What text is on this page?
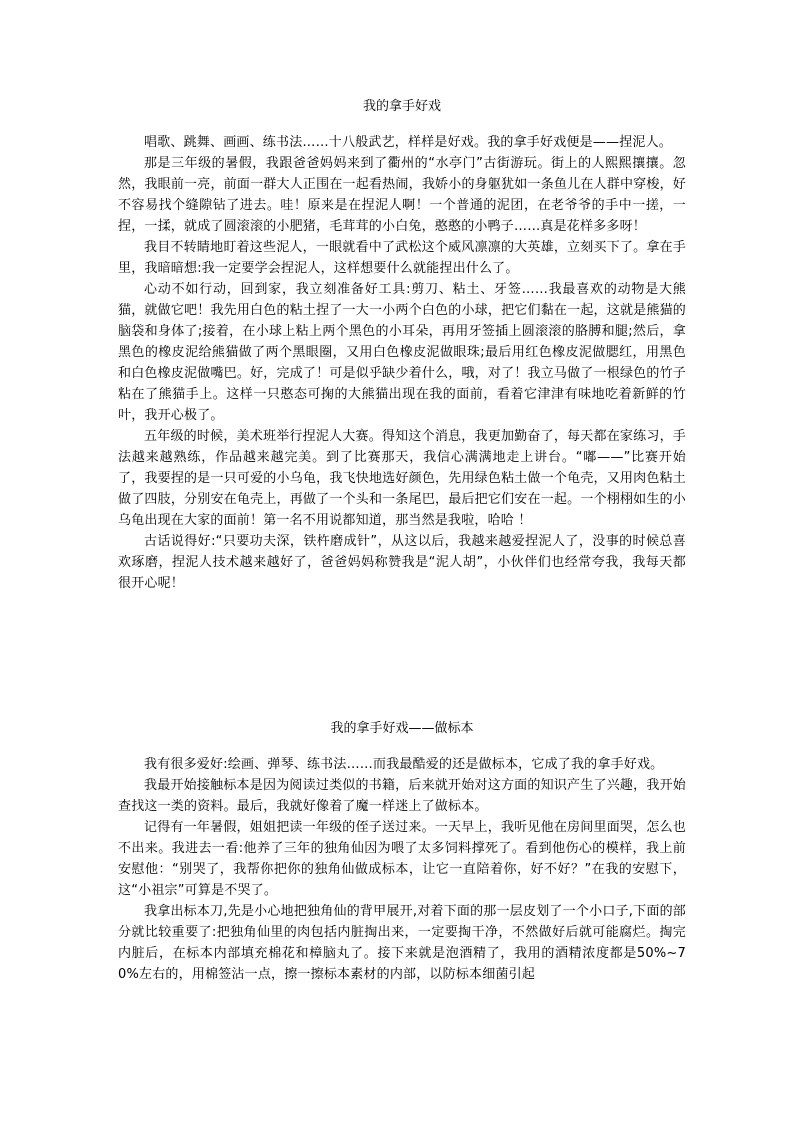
我的拿手好戏

唱歌、跳舞、画画、练书法……十八般武艺，样样是好戏。我的拿手好戏便是——捏泥人。

那是三年级的暑假，我跟爸爸妈妈来到了衢州的“水亭门”古街游玩。街上的人熙熙攘攘。忽然，我眼前一亮，前面一群大人正围在一起看热闹，我娇小的身躯犹如一条鱼儿在人群中穿梭，好不容易找个缝隙钻了进去。哇！原来是在捏泥人啊！一个普通的泥团，在老爷爷的手中一搓，一捏，一揉，就成了圆滚滚的小肥猪，毛茸茸的小白兔，憨憨的小鸭子……真是花样多多呀！

我目不转睛地盯着这些泥人，一眼就看中了武松这个威风凛凛的大英雄，立刻买下了。拿在手里，我暗暗想:我一定要学会捏泥人，这样想要什么就能捏出什么了。

心动不如行动，回到家，我立刻准备好工具:剪刀、粘土、牙签……我最喜欢的动物是大熊猫，就做它吧！我先用白色的粘土捏了一大一小两个白色的小球，把它们黏在一起，这就是熊猫的脑袋和身体了;接着，在小球上粘上两个黑色的小耳朵，再用牙签插上圆滚滚的胳膊和腿;然后，拿黑色的橡皮泥给熊猫做了两个黑眼圈，又用白色橡皮泥做眼珠;最后用红色橡皮泥做腮红，用黑色和白色橡皮泥做嘴巴。好，完成了！可是似乎缺少着什么，哦，对了！我立马做了一根绿色的竹子粘在了熊猫手上。这样一只憨态可掬的大熊猫出现在我的面前，看着它津津有味地吃着新鲜的竹叶，我开心极了。

五年级的时候，美术班举行捏泥人大赛。得知这个消息，我更加勤奋了，每天都在家练习，手法越来越熟练，作品越来越完美。到了比赛那天，我信心满满地走上讲台。“嘟——”比赛开始了，我要捏的是一只可爱的小乌龟，我飞快地选好颜色，先用绿色粘土做一个龟壳，又用肉色粘土做了四肢，分别安在龟壳上，再做了一个头和一条尾巴，最后把它们安在一起。一个栩栩如生的小乌龟出现在大家的面前！第一名不用说都知道，那当然是我啦，哈哈 ！

古话说得好:“只要功夫深，铁杵磨成针”，从这以后，我越来越爱捏泥人了，没事的时候总喜欢琢磨，捏泥人技术越来越好了，爸爸妈妈称赞我是“泥人胡”，小伙伴们也经常夸我，我每天都很开心呢！

我的拿手好戏——做标本

我有很多爱好:绘画、弹琴、练书法……而我最酷爱的还是做标本，它成了我的拿手好戏。

我最开始接触标本是因为阅读过类似的书籍，后来就开始对这方面的知识产生了兴趣，我开始查找这一类的资料。最后，我就好像着了魔一样迷上了做标本。

记得有一年暑假，姐姐把读一年级的侄子送过来。一天早上，我听见他在房间里面哭，怎么也不出来。我进去一看:他养了三年的独角仙因为喂了太多饲料撑死了。看到他伤心的模样，我上前安慰他：“别哭了，我帮你把你的独角仙做成标本，让它一直陪着你，好不好？”在我的安慰下，这“小祖宗”可算是不哭了。

我拿出标本刀,先是小心地把独角仙的背甲展开,对着下面的那一层皮划了一个小口子,下面的部分就比较重要了:把独角仙里的肉包括内脏掏出来，一定要掏干净，不然做好后就可能腐烂。掏完内脏后，在标本内部填充棉花和樟脑丸了。接下来就是泡酒精了，我用的酒精浓度都是50%~70%左右的，用棉签沾一点，擦一擦标本素材的内部，以防标本细菌引起
